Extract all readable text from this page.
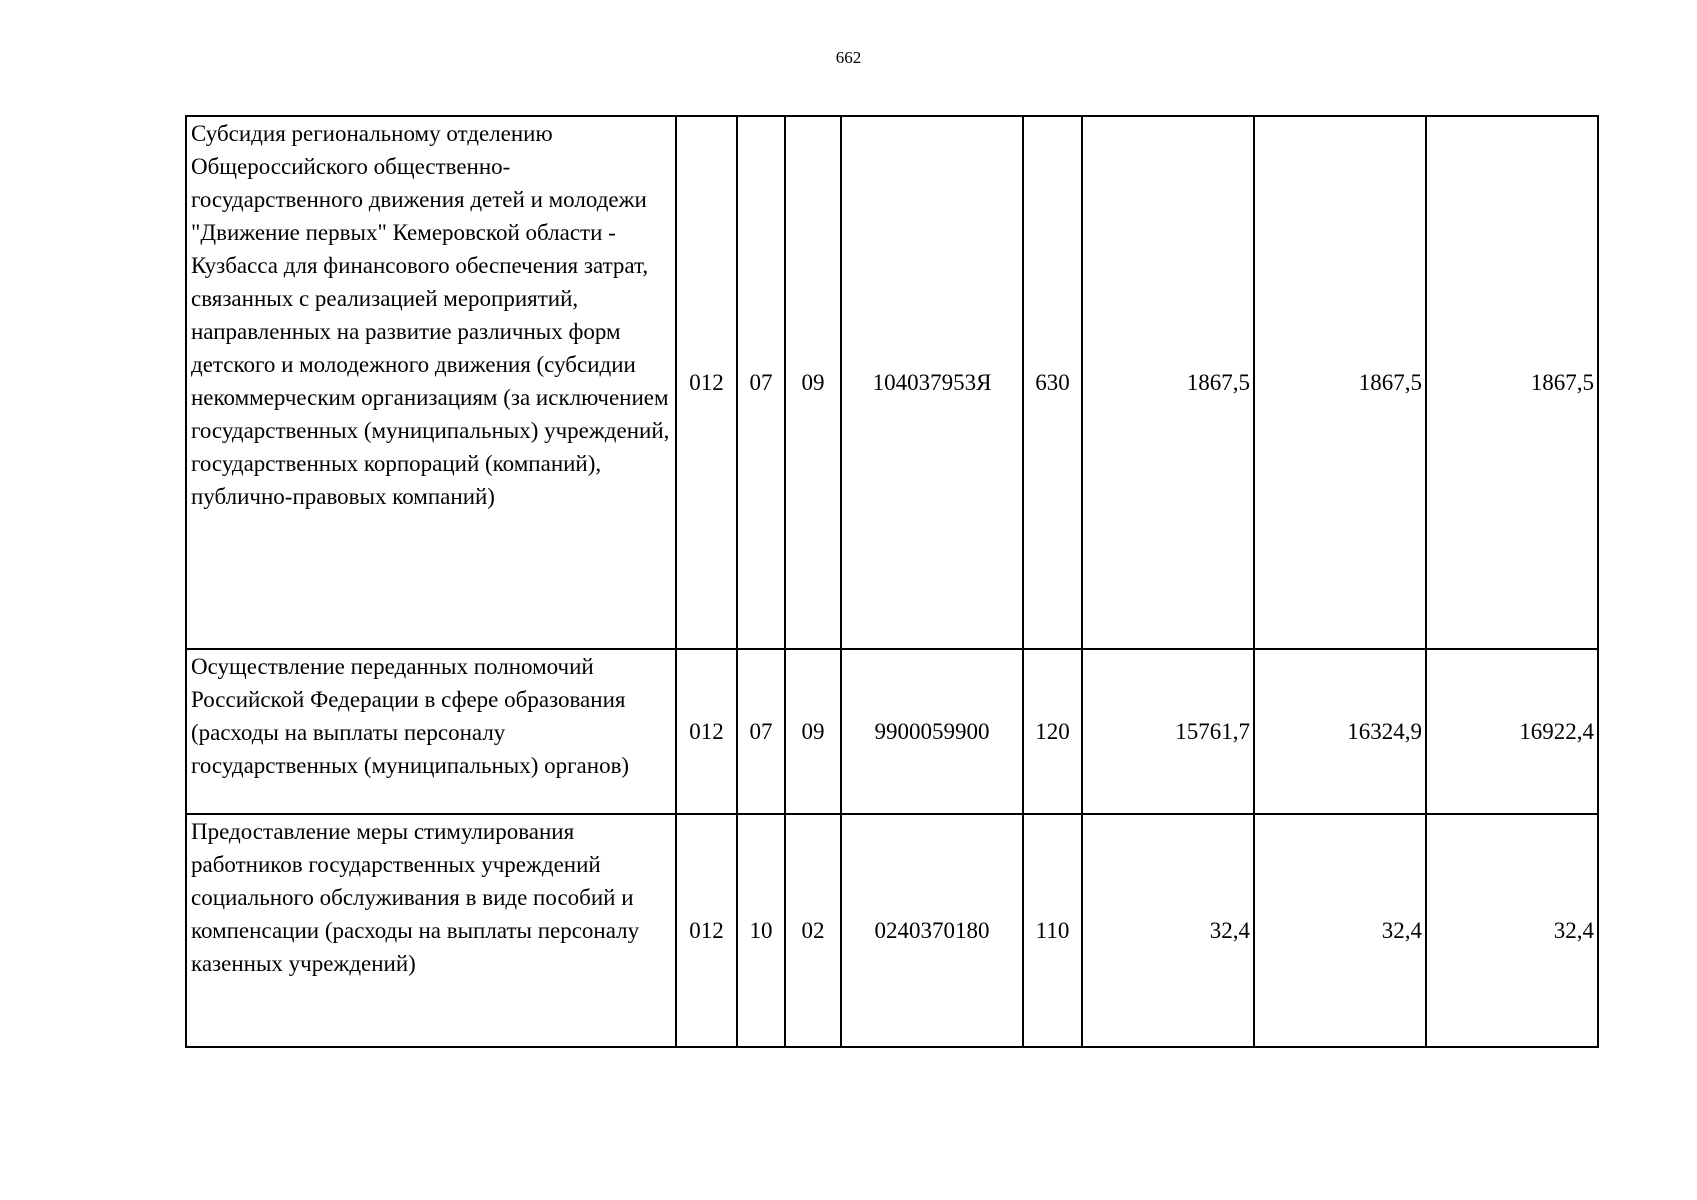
662
Субсидия региональному отделению Общероссийского общественно-государственного движения детей и молодежи "Движение первых" Кемеровской области - Кузбасса для финансового обеспечения затрат, связанных с реализацией мероприятий, направленных на развитие различных форм детского и молодежного движения (субсидии некоммерческим организациям (за исключением государственных (муниципальных) учреждений, государственных корпораций (компаний), публично-правовых компаний)	012	07	09	104037953Я	630	1867,5	1867,5	1867,5
Осуществление переданных полномочий Российской Федерации в сфере образования (расходы на выплаты персоналу государственных (муниципальных) органов)	012	07	09	9900059900	120	15761,7	16324,9	16922,4
Предоставление меры стимулирования работников государственных учреждений социального обслуживания в виде пособий и компенсации (расходы на выплаты персоналу казенных учреждений)	012	10	02	0240370180	110	32,4	32,4	32,4
